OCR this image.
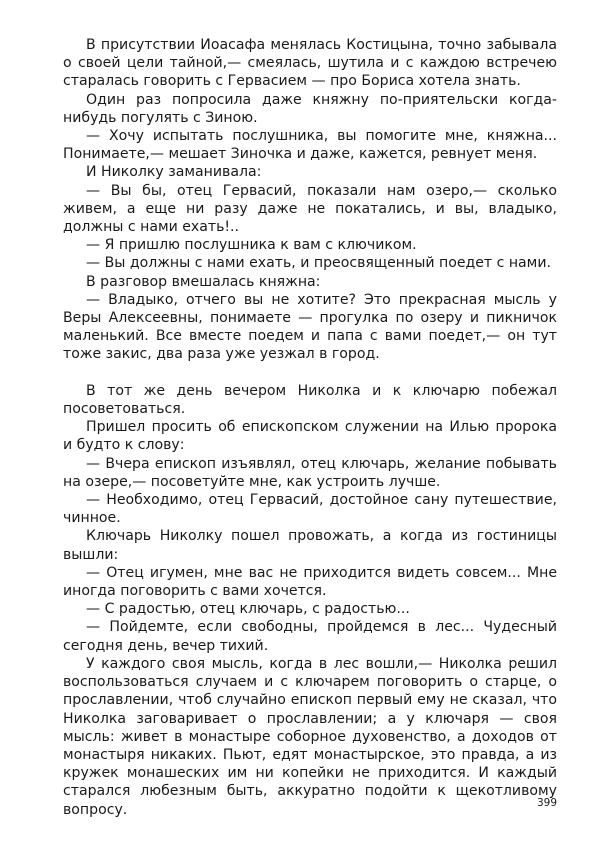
В присутствии Иоасафа менялась Костицына, точно забывала о своей цели тайной,— смеялась, шутила и с каждою встречею старалась говорить с Гервасием — про Бориса хотела знать.

Один раз попросила даже княжну по-приятельски когда-нибудь погулять с Зиною.

— Хочу испытать послушника, вы помогите мне, княжна... Понимаете,— мешает Зиночка и даже, кажется, ревнует меня.

И Николку заманивала:

— Вы бы, отец Гервасий, показали нам озеро,— сколько живем, а еще ни разу даже не покатались, и вы, владыко, должны с нами ехать!..

— Я пришлю послушника к вам с ключиком.

— Вы должны с нами ехать, и преосвященный поедет с нами.

В разговор вмешалась княжна:

— Владыко, отчего вы не хотите? Это прекрасная мысль у Веры Алексеевны, понимаете — прогулка по озеру и пикничок маленький. Все вместе поедем и папа с вами поедет,— он тут тоже закис, два раза уже уезжал в город.

В тот же день вечером Николка и к ключарю побежал посоветоваться.

Пришел просить об епископском служении на Илью пророка и будто к слову:

— Вчера епископ изъявлял, отец ключарь, желание побывать на озере,— посоветуйте мне, как устроить лучше.

— Необходимо, отец Гервасий, достойное сану путешествие, чинное.

Ключарь Николку пошел провожать, а когда из гостиницы вышли:

— Отец игумен, мне вас не приходится видеть совсем... Мне иногда поговорить с вами хочется.

— С радостью, отец ключарь, с радостью...

— Пойдемте, если свободны, пройдемся в лес... Чудесный сегодня день, вечер тихий.

У каждого своя мысль, когда в лес вошли,— Николка решил воспользоваться случаем и с ключарем поговорить о старце, о прославлении, чтоб случайно епископ первый ему не сказал, что Николка заговаривает о прославлении; а у ключаря — своя мысль: живет в монастыре соборное духовенство, а доходов от монастыря никаких. Пьют, едят монастырское, это правда, а из кружек монашеских им ни копейки не приходится. И каждый старался любезным быть, аккуратно подойти к щекотливому вопросу.	399
